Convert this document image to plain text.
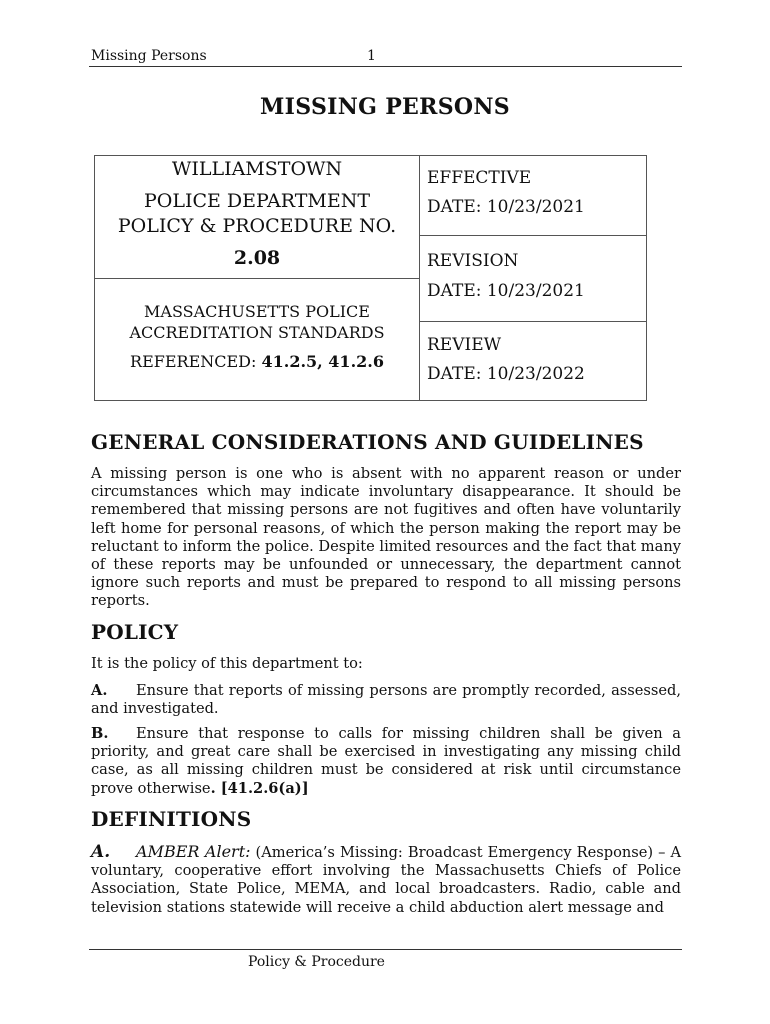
Missing Persons	1
MISSING PERSONS
WILLIAMSTOWN
POLICE DEPARTMENT
POLICY & PROCEDURE NO.
2.08
MASSACHUSETTS POLICE
ACCREDITATION STANDARDS
REFERENCED: 41.2.5, 41.2.6
EFFECTIVE
DATE: 10/23/2021
REVISION
DATE: 10/23/2021
REVIEW
DATE: 10/23/2022
GENERAL CONSIDERATIONS AND GUIDELINES
A missing person is one who is absent with no apparent reason or under circumstances which may indicate involuntary disappearance. It should be remembered that missing persons are not fugitives and often have voluntarily left home for personal reasons, of which the person making the report may be reluctant to inform the police. Despite limited resources and the fact that many of these reports may be unfounded or unnecessary, the department cannot ignore such reports and must be prepared to respond to all missing persons reports.
POLICY
It is the policy of this department to:
A. Ensure that reports of missing persons are promptly recorded, assessed, and investigated.
B. Ensure that response to calls for missing children shall be given a priority, and great care shall be exercised in investigating any missing child case, as all missing children must be considered at risk until circumstance prove otherwise. [41.2.6(a)]
DEFINITIONS
A. AMBER Alert: (America’s Missing: Broadcast Emergency Response) – A voluntary, cooperative effort involving the Massachusetts Chiefs of Police Association, State Police, MEMA, and local broadcasters. Radio, cable and television stations statewide will receive a child abduction alert message and
Policy & Procedure
